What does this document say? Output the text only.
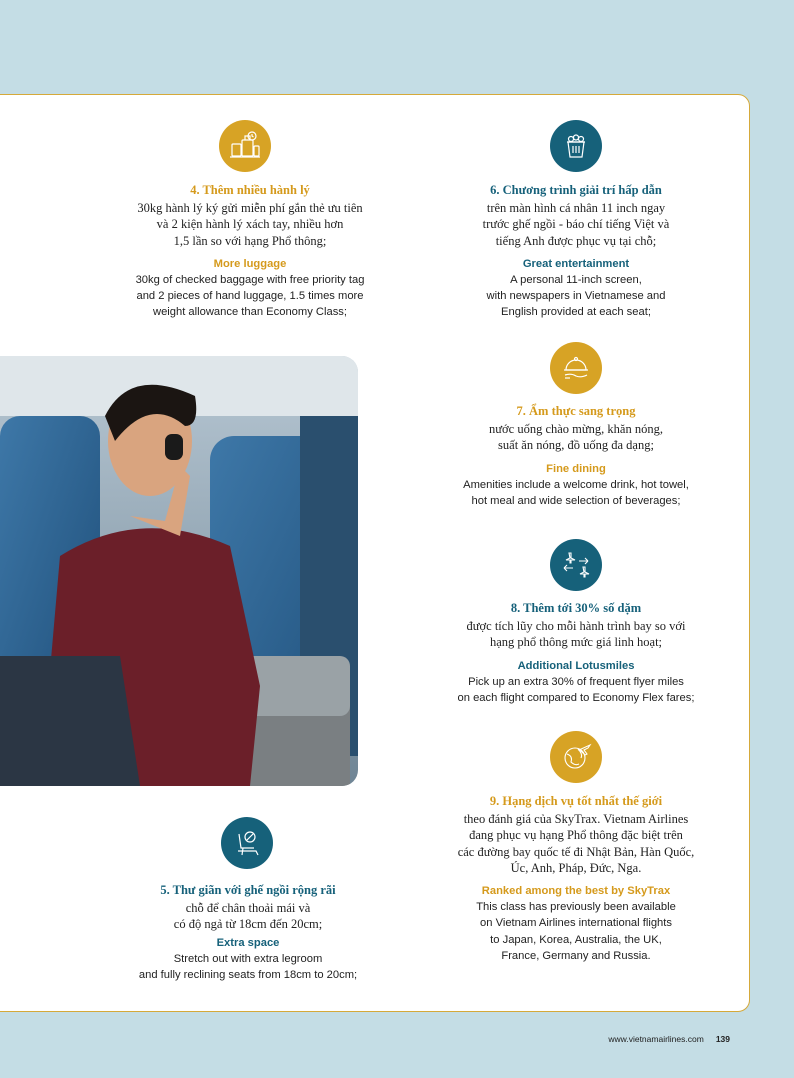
4. Thêm nhiều hành lý

30kg hành lý ký gửi miễn phí gắn thẻ ưu tiên
và 2 kiện hành lý xách tay, nhiều hơn
1,5 lần so với hạng Phổ thông;

More luggage

30kg of checked baggage with free priority tag
and 2 pieces of hand luggage, 1.5 times more
weight allowance than Economy Class;

6. Chương trình giải trí hấp dẫn

trên màn hình cá nhân 11 inch ngay
trước ghế ngồi - báo chí tiếng Việt và
tiếng Anh được phục vụ tại chỗ;

Great entertainment

A personal 11-inch screen,
with newspapers in Vietnamese and
English provided at each seat;

7. Ẩm thực sang trọng

nước uống chào mừng, khăn nóng,
suất ăn nóng, đồ uống đa dạng;

Fine dining

Amenities include a welcome drink, hot towel,
hot meal and wide selection of beverages;

8. Thêm tới 30% số dặm

được tích lũy cho mỗi hành trình bay so với
hạng phổ thông mức giá linh hoạt;

Additional Lotusmiles

Pick up an extra 30% of frequent flyer miles
on each flight compared to Economy Flex fares;

9. Hạng dịch vụ tốt nhất thế giới

theo đánh giá của SkyTrax. Vietnam Airlines
đang phục vụ hạng Phổ thông đặc biệt trên
các đường bay quốc tế đi Nhật Bản, Hàn Quốc,
Úc, Anh, Pháp, Đức, Nga.

Ranked among the best by SkyTrax

This class has previously been available
on Vietnam Airlines international flights
to Japan, Korea, Australia, the UK,
France, Germany and Russia.

5. Thư giãn với ghế ngồi rộng rãi

chỗ để chân thoải mái và
có độ ngả từ 18cm đến 20cm;

Extra space

Stretch out with extra legroom
and fully reclining seats from 18cm to 20cm;

www.vietnamairlines.com 139
